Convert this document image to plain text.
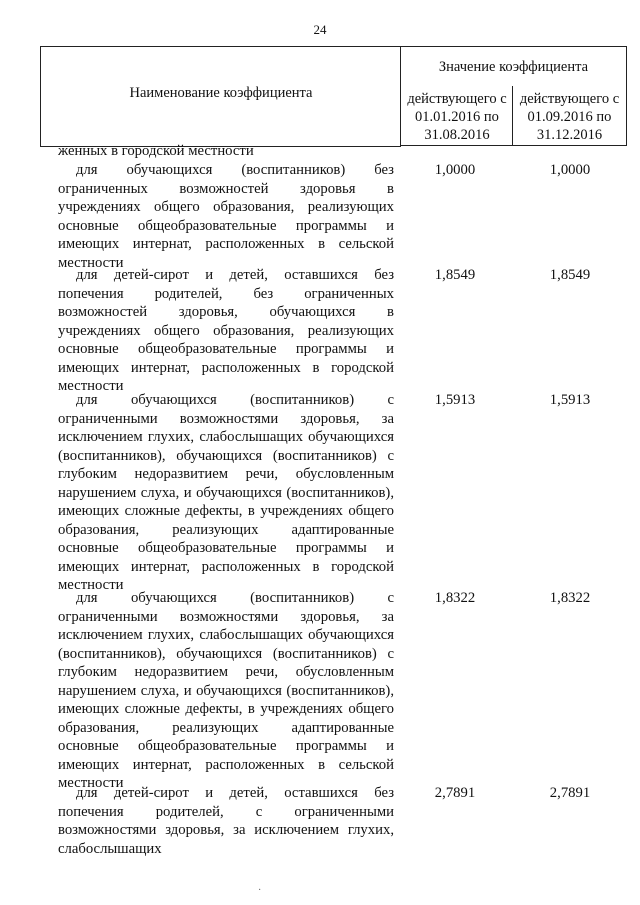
24
Наименование коэффициента
Значение коэффициента
действующего с 01.01.2016 по 31.08.2016
действующего с 01.09.2016 по 31.12.2016
женных в городской местности
для обучающихся (воспитанников) без ограниченных возможностей здоровья в учреждениях общего образования, реализующих основные общеобразовательные программы и имеющих интернат, расположенных в сельской местности
1,0000	1,0000
для детей-сирот и детей, оставшихся без попечения родителей, без ограниченных возможностей здоровья, обучающихся в учреждениях общего образования, реализующих основные общеобразовательные программы и имеющих интернат, расположенных в городской местности
1,8549	1,8549
для обучающихся (воспитанников) с ограниченными возможностями здоровья, за исключением глухих, слабослышащих обучающихся (воспитанников), обучающихся (воспитанников) с глубоким недоразвитием речи, обусловленным нарушением слуха, и обучающихся (воспитанников), имеющих сложные дефекты, в учреждениях общего образования, реализующих адаптированные основные общеобразовательные программы и имеющих интернат, расположенных в городской местности
1,5913	1,5913
для обучающихся (воспитанников) с ограниченными возможностями здоровья, за исключением глухих, слабослышащих обучающихся (воспитанников), обучающихся (воспитанников) с глубоким недоразвитием речи, обусловленным нарушением слуха, и обучающихся (воспитанников), имеющих сложные дефекты, в учреждениях общего образования, реализующих адаптированные основные общеобразовательные программы и имеющих интернат, расположенных в сельской местности
1,8322	1,8322
для детей-сирот и детей, оставшихся без попечения родителей, с ограниченными возможностями здоровья, за исключением глухих, слабослышащих
2,7891	2,7891
·
